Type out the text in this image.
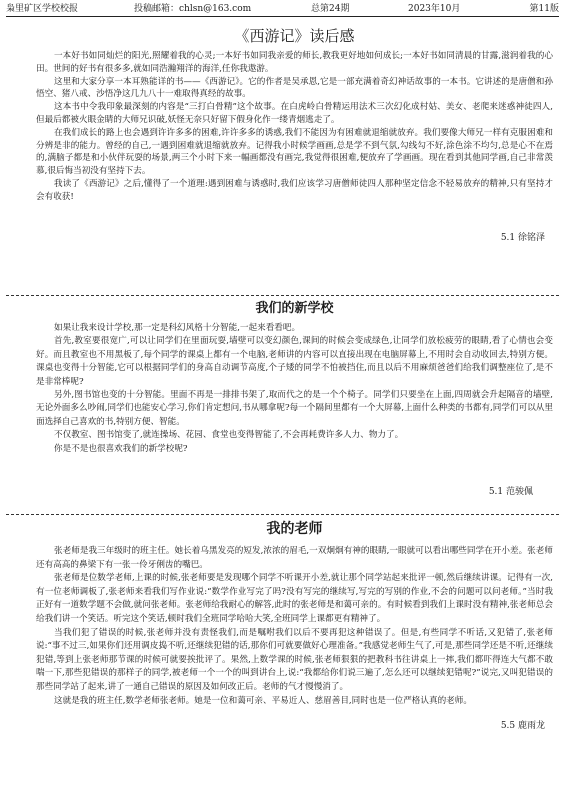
枭里矿区学校校报	投稿邮箱：chlsn@163.com	总第24期	2023年10月	第11版
《西游记》读后感

一本好书如同灿烂的阳光,照耀着我的心灵;一本好书如同我亲爱的师长,教我更好地如何成长;一本好书如同清晨的甘露,滋润着我的心田。世间的好书有很多多,就如同浩瀚翔洋的海洋,任你我遨游。

这里和大家分享一本耳熟能详的书——《西游记》。它的作者是吴承恩,它是一部充满着奇幻神话故事的一本书。它讲述的是唐僧和孙悟空、猪八戒、沙悟净这几九八十一难取得真经的故事。

这本书中令我印象最深刻的内容是“三打白骨精”这个故事。在白虎岭白骨精运用法术三次幻化成村姑、美女、老爬来迷惑神徒四人,但最后都被火眼金睛的大师兄识破,妖怪无奈只好留下假身化作一缕青烟逃走了。

在我们成长的路上也会遇到许许多多的困难,许许多多的诱惑,我们不能因为有困难就退缩就放弃。我们要像大师兄一样有克服困难和分辨是非的能力。曾经的自己,一遇到困难就退缩就放弃。记得我小时候学画画,总是学不到气氛,勾线勾不好,涂色涂不均匀,总是心不在焉的,满脑子都是和小伙伴玩耍的场景,两三个小时下来一幅画都没有画完,我觉得很困难,便放弃了学画画。现在看到其他同学画,自己非常羡慕,很后悔当初没有坚持下去。

我读了《西游记》之后,懂得了一个道理:遇到困难与诱惑时,我们应该学习唐僧师徒四人那种坚定信念不轻易放弃的精神,只有坚持才会有收获!

5.1 徐铭泽

我们的新学校

如果让我来设计学校,那一定是科幻风格十分智能,一起来看看吧。

首先,教室要很宽广,可以让同学们在里面玩耍,墙壁可以变幻颜色,课间的时候会变成绿色,让同学们放松疲劳的眼睛,看了心情也会变好。而且教室也不用黑板了,每个同学的课桌上都有一个电脑,老师讲的内容可以直接出现在电脑屏幕上,不用时会自动收回去,特别方便。课桌也变得十分智能,它可以根据同学们的身高自动调节高度,个子矮的同学不怕被挡住,而且以后不用麻烦爸爸们给我们调整座位了,是不是非常棒呢?

另外,图书馆也变的十分智能。里面不再是一排排书架了,取而代之的是一个个椅子。同学们只要坐在上面,四周就会升起隔音的墙壁,无论外面多么吵闹,同学们也能安心学习,你们肯定想问,书从哪拿呢?每一个隔间里都有一个大屏幕,上面什么种类的书都有,同学们可以从里面选择自己喜欢的书,特别方便、智能。

不仅教室、图书馆变了,就连操场、花园、食堂也变得智能了,不会再耗费许多人力、物力了。

你是不是也很喜欢我们的新学校呢?

5.1 范骏佩

我的老师

张老师是我三年级时的班主任。她长着乌黑发亮的短发,浓浓的眉毛,一双炯炯有神的眼睛,一眼就可以看出哪些同学在开小差。张老师还有高高的鼻梁下有一张一伶牙俐齿的嘴巴。

张老师是位数学老师,上课的时候,张老师要是发现哪个同学不听课开小差,就让那个同学站起来批评一顿,然后继续讲课。记得有一次,有一位老师调板了,张老师来看我们写作业说:“数学作业写完了吗?没有写完的继续写,写完的写别的作业,不会的问题可以问老师。”当时我正好有一道数学题不会做,就问张老师。张老师给我耐心的解答,此时的张老师是和蔼可亲的。有时候看到我们上课时没有精神,张老师总会给我们讲一个笑话。听完这个笑话,顿时我们全班同学哈哈大笑,全班同学上课都更有精神了。

当我们犯了错误的时候,张老师并没有责怪我们,而是嘱咐我们以后不要再犯这种错误了。但是,有些同学不听话,又犯错了,张老师说:“事不过三,如果你们还用调皮捣不听,还继续犯错的话,那你们可就要做好心理准备。”我感觉老师生气了,可是,那些同学还是不听,还继续犯错,等到上张老师那节课的时候可就要挨批评了。果然,上数学课的时候,张老师狠狠的把教科书往讲桌上一摔,我们都吓得连大气都不敢喘一下,那些犯错误的那样子的同学,被老师一个一个的叫到讲台上,说:“我都给你们说三遍了,怎么还可以继续犯错呢?”说完,又叫犯错误的那些同学站了起来,讲了一通自己错误的原因及如何改正后。老师的气才慢慢消了。

这就是我的班主任,数学老师张老师。她是一位和蔼可亲、平易近人、慈眉善目,同时也是一位严格认真的老师。

5.5 鹿雨龙
